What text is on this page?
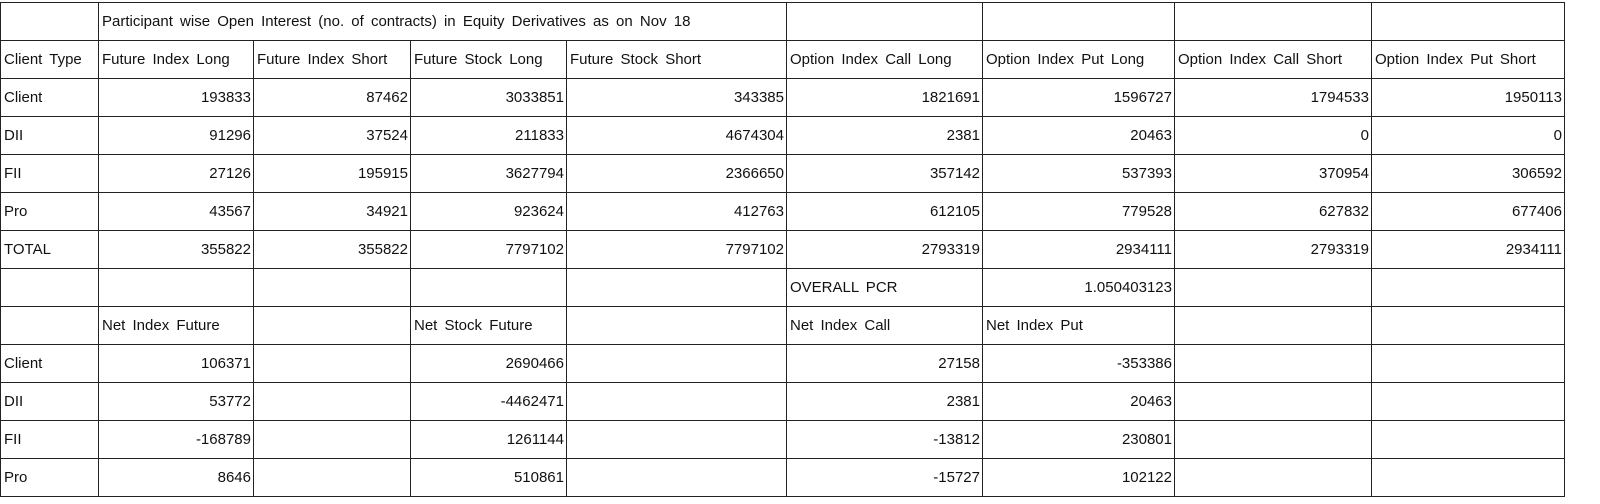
	Participant wise Open Interest (no. of contracts) in Equity Derivatives as on Nov 18							
Client Type	Future Index Long	Future Index Short	Future Stock Long	Future Stock Short	Option Index Call Long	Option Index Put Long	Option Index Call Short	Option Index Put Short
Client	193833	87462	3033851	343385	1821691	1596727	1794533	1950113
DII	91296	37524	211833	4674304	2381	20463	0	0
FII	27126	195915	3627794	2366650	357142	537393	370954	306592
Pro	43567	34921	923624	412763	612105	779528	627832	677406
TOTAL	355822	355822	7797102	7797102	2793319	2934111	2793319	2934111
					OVERALL PCR	1.050403123		
	Net Index Future		Net Stock Future		Net Index Call	Net Index Put		
Client	106371		2690466		27158	-353386		
DII	53772		-4462471		2381	20463		
FII	-168789		1261144		-13812	230801		
Pro	8646		510861		-15727	102122		
